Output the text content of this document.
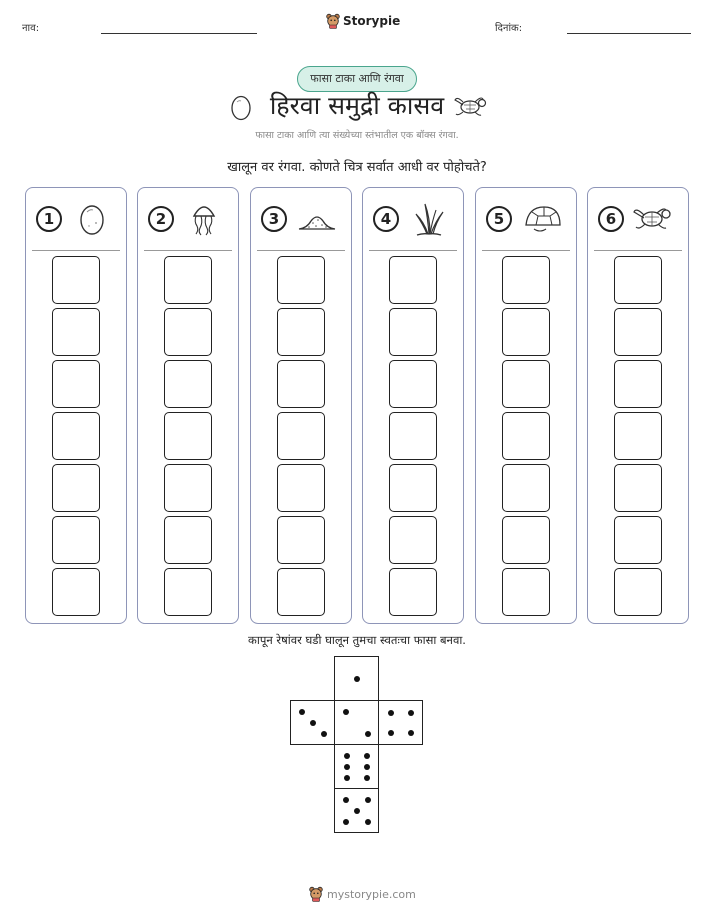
नाव:
Storypie
दिनांक:
फासा टाका आणि रंगवा
हिरवा समुद्री कासव
फासा टाका आणि त्या संख्येच्या स्तंभातील एक बॉक्स रंगवा.
खालून वर रंगवा. कोणते चित्र सर्वात आधी वर पोहोचते?
1	2	3	4	5	6
कापून रेषांवर घडी घालून तुमचा स्वतःचा फासा बनवा.
mystorypie.com
